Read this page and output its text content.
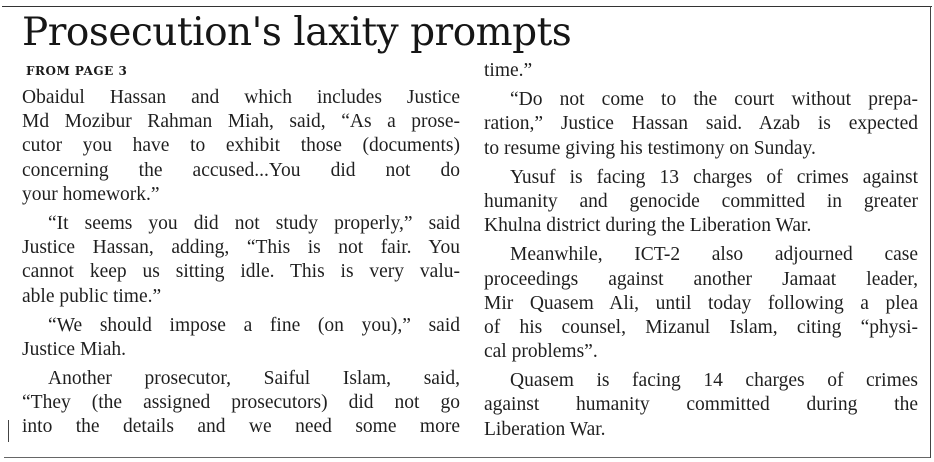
Prosecution's laxity prompts
FROM PAGE 3
Obaidul Hassan and which includes Justice
Md Mozibur Rahman Miah, said, “As a prose-
cutor you have to exhibit those (documents)
concerning the accused...You did not do
your homework.”
“It seems you did not study properly,” said
Justice Hassan, adding, “This is not fair. You
cannot keep us sitting idle. This is very valu-
able public time.”
“We should impose a fine (on you),” said
Justice Miah.
Another prosecutor, Saiful Islam, said,
“They (the assigned prosecutors) did not go
into the details and we need some more
time.”
“Do not come to the court without prepa-
ration,” Justice Hassan said. Azab is expected
to resume giving his testimony on Sunday.
Yusuf is facing 13 charges of crimes against
humanity and genocide committed in greater
Khulna district during the Liberation War.
Meanwhile, ICT-2 also adjourned case
proceedings against another Jamaat leader,
Mir Quasem Ali, until today following a plea
of his counsel, Mizanul Islam, citing “physi-
cal problems”.
Quasem is facing 14 charges of crimes
against humanity committed during the
Liberation War.
